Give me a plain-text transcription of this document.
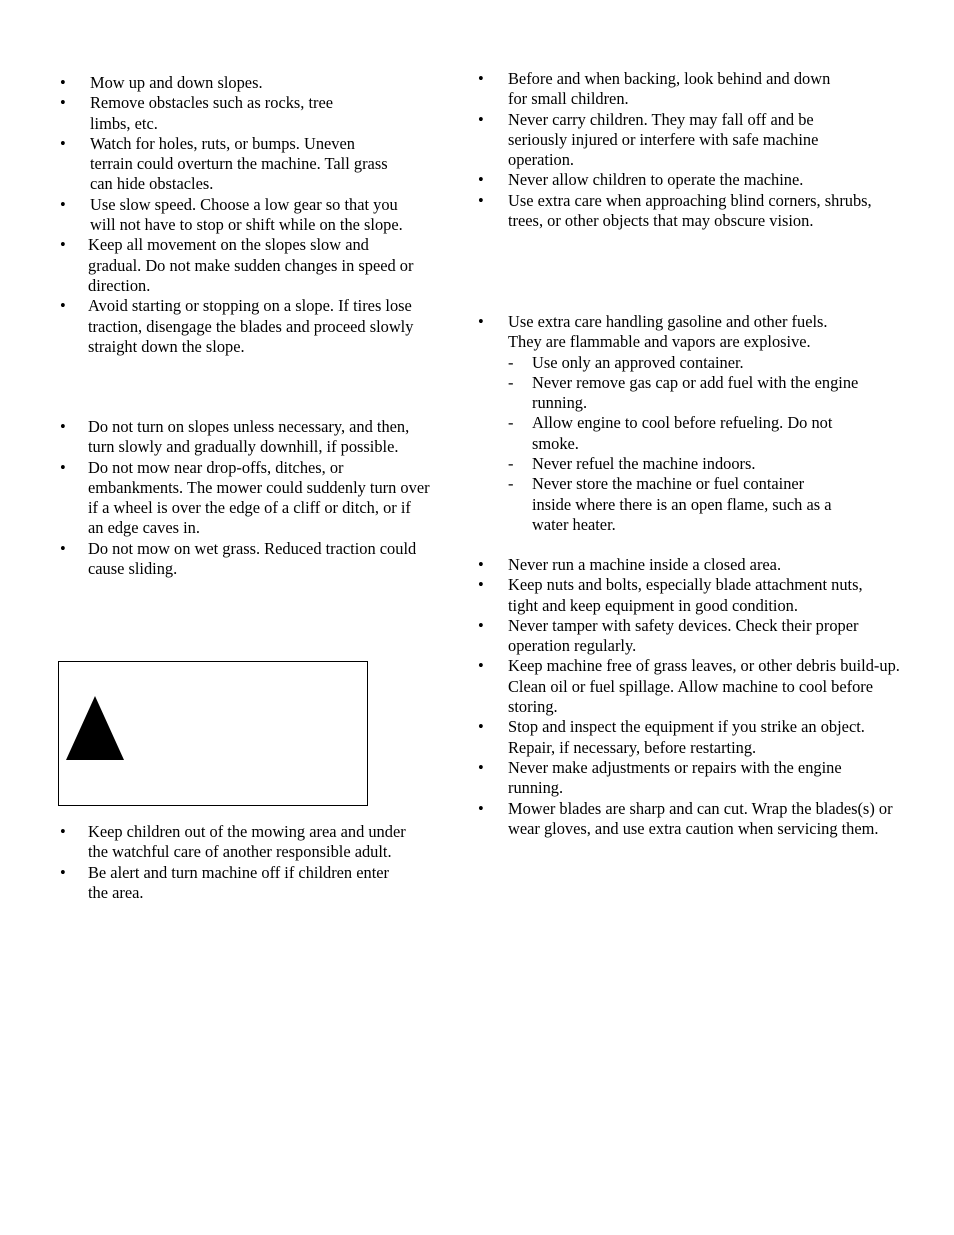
• Mow up and down slopes.
• Remove obstacles such as rocks, tree limbs, etc.
• Watch for holes, ruts, or bumps. Uneven terrain could overturn the machine. Tall grass can hide obstacles.
• Use slow speed. Choose a low gear so that you will not have to stop or shift while on the slope.
• Keep all movement on the slopes slow and gradual. Do not make sudden changes in speed or direction.
• Avoid starting or stopping on a slope. If tires lose traction, disengage the blades and proceed slowly straight down the slope.
• Do not turn on slopes unless necessary, and then, turn slowly and gradually downhill, if possible.
• Do not mow near drop-offs, ditches, or embankments. The mower could suddenly turn over if a wheel is over the edge of a cliff or ditch, or if an edge caves in.
• Do not mow on wet grass. Reduced traction could cause sliding.
• Keep children out of the mowing area and under the watchful care of another responsible adult.
• Be alert and turn machine off if children enter the area.
• Before and when backing, look behind and down for small children.
• Never carry children. They may fall off and be seriously injured or interfere with safe machine operation.
• Never allow children to operate the machine.
• Use extra care when approaching blind corners, shrubs, trees, or other objects that may obscure vision.
• Use extra care handling gasoline and other fuels. They are flammable and vapors are explosive.
- Use only an approved container.
- Never remove gas cap or add fuel with the engine running.
- Allow engine to cool before refueling. Do not smoke.
- Never refuel the machine indoors.
- Never store the machine or fuel container inside where there is an open flame, such as a water heater.
• Never run a machine inside a closed area.
• Keep nuts and bolts, especially blade attachment nuts, tight and keep equipment in good condition.
• Never tamper with safety devices. Check their proper operation regularly.
• Keep machine free of grass leaves, or other debris build-up. Clean oil or fuel spillage. Allow machine to cool before storing.
• Stop and inspect the equipment if you strike an object. Repair, if necessary, before restarting.
• Never make adjustments or repairs with the engine running.
• Mower blades are sharp and can cut. Wrap the blades(s) or wear gloves, and use extra caution when servicing them.
